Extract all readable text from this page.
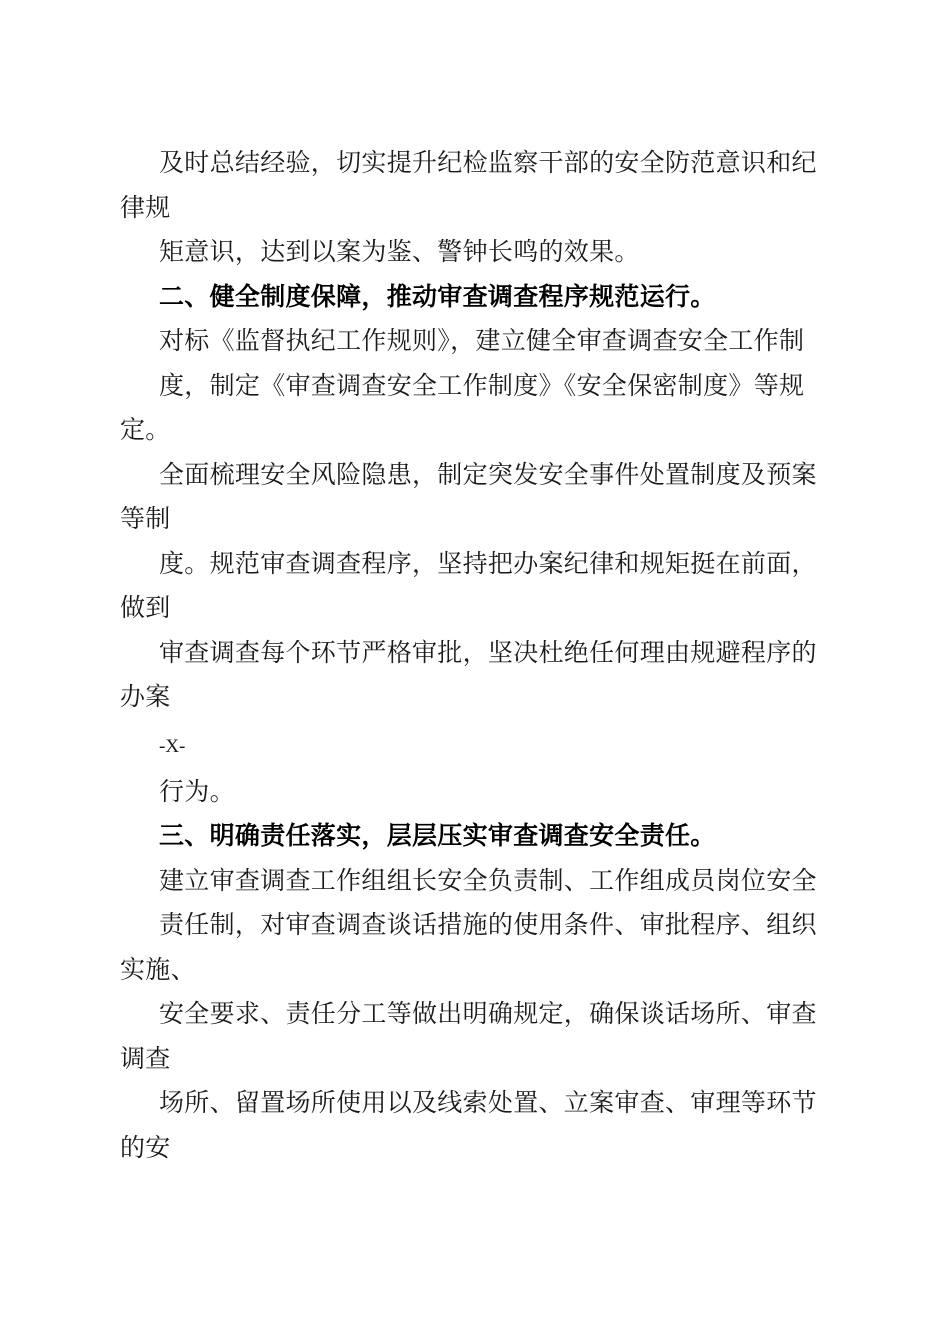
及时总结经验，切实提升纪检监察干部的安全防范意识和纪
律规
矩意识，达到以案为鉴、警钟长鸣的效果。
二、健全制度保障，推动审查调查程序规范运行。
对标《监督执纪工作规则》，建立健全审查调查安全工作制
度，制定《审查调查安全工作制度》《安全保密制度》等规
定。
全面梳理安全风险隐患，制定突发安全事件处置制度及预案
等制
度。规范审查调查程序，坚持把办案纪律和规矩挺在前面，
做到
审查调查每个环节严格审批，坚决杜绝任何理由规避程序的
办案
-X-
行为。
三、明确责任落实，层层压实审查调查安全责任。
建立审查调查工作组组长安全负责制、工作组成员岗位安全
责任制，对审查调查谈话措施的使用条件、审批程序、组织
实施、
安全要求、责任分工等做出明确规定，确保谈话场所、审查
调查
场所、留置场所使用以及线索处置、立案审查、审理等环节
的安
